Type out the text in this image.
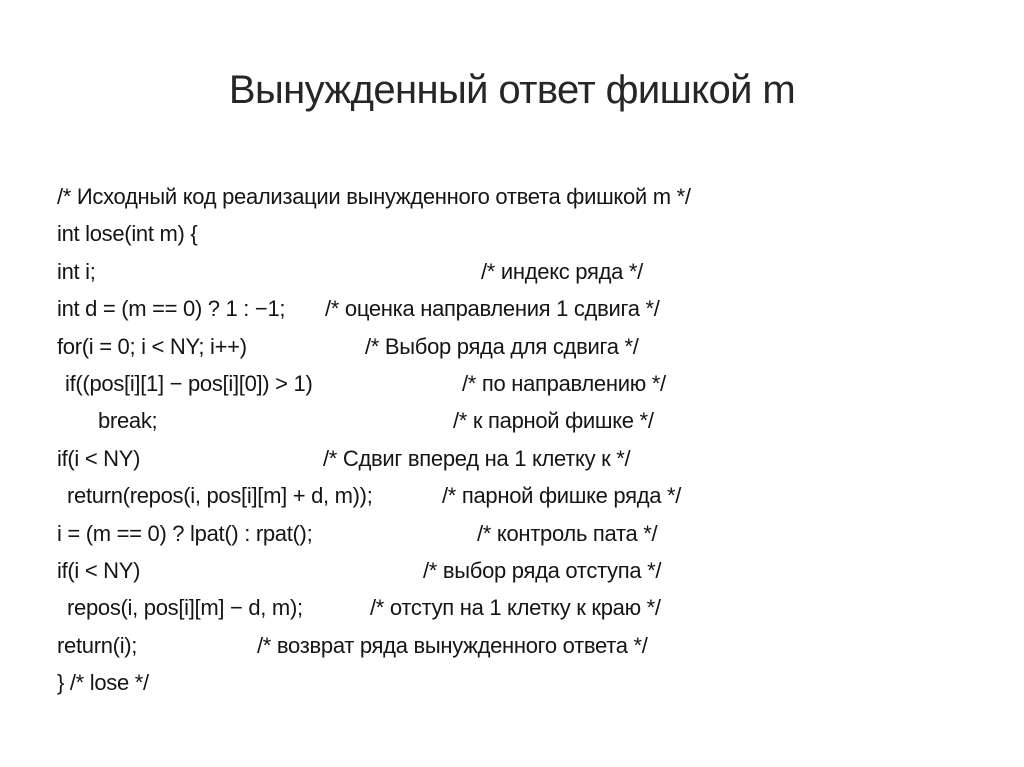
Вынужденный ответ фишкой m
/* Исходный код реализации вынужденного ответа фишкой m */
int lose(int m) {
int i;	/* индекс ряда */
int d = (m == 0) ? 1 : −1; /* оценка направления 1 сдвига */
for(i = 0; i < NY; i++)	/* Выбор ряда для сдвига */
if((pos[i][1] − pos[i][0]) > 1)	/* по направлению */
break;	/* к парной фишке */
if(i < NY)	/* Сдвиг вперед на 1 клетку к */
return(repos(i, pos[i][m] + d, m));	/* парной фишке ряда */
i = (m == 0) ? lpat() : rpat();	/* контроль пата */
if(i < NY)	/* выбор ряда отступа */
repos(i, pos[i][m] − d, m);	/* отступ на 1 клетку к краю */
return(i);	/* возврат ряда вынужденного ответа */
} /* lose */
